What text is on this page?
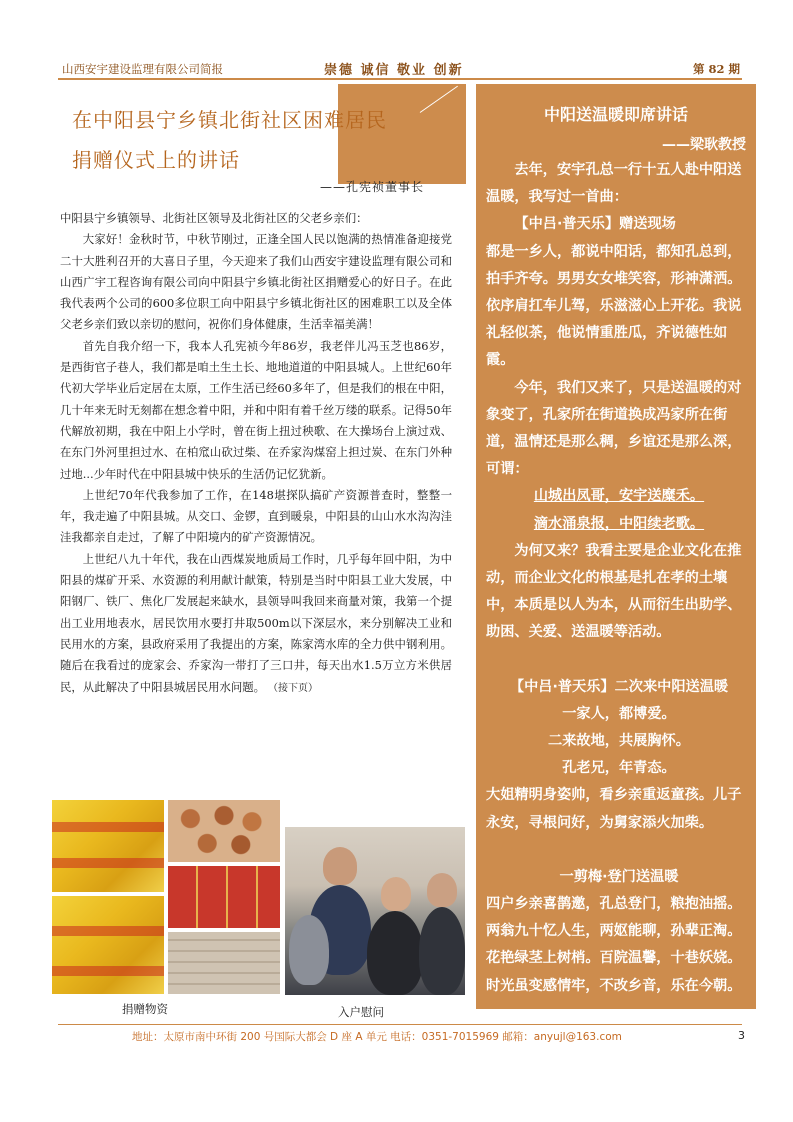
山西安宇建设监理有限公司简报	崇德 诚信 敬业 创新	第 82 期
在中阳县宁乡镇北街社区困难居民
捐赠仪式上的讲话
——孔宪祯董事长

中阳县宁乡镇领导、北街社区领导及北街社区的父老乡亲们：

大家好！金秋时节，中秋节刚过，正逢全国人民以饱满的热情准备迎接党二十大胜利召开的大喜日子里，今天迎来了我们山西安宇建设监理有限公司和山西广宇工程咨询有限公司向中阳县宁乡镇北街社区捐赠爱心的好日子。在此我代表两个公司的600多位职工向中阳县宁乡镇北街社区的困难职工以及全体父老乡亲们致以亲切的慰问，祝你们身体健康，生活幸福美满！

首先自我介绍一下，我本人孔宪祯今年86岁，我老伴儿冯玉芝也86岁，是西街官子巷人，我们都是咱土生土长、地地道道的中阳县城人。上世纪60年代初大学毕业后定居在太原，工作生活已经60多年了，但是我们的根在中阳，几十年来无时无刻都在想念着中阳，并和中阳有着千丝万缕的联系。记得50年代解放初期，我在中阳上小学时，曾在街上扭过秧歌、在大操场台上演过戏、在东门外河里担过水、在柏窊山砍过柴、在乔家沟煤窑上担过炭、在东门外种过地...少年时代在中阳县城中快乐的生活仍记忆犹新。

上世纪70年代我参加了工作，在148堪探队搞矿产资源普查时，整整一年，我走遍了中阳县城。从交口、金锣，直到暖泉，中阳县的山山水水沟沟洼洼我都亲自走过，了解了中阳境内的矿产资源情况。

上世纪八九十年代，我在山西煤炭地质局工作时，几乎每年回中阳，为中阳县的煤矿开采、水资源的利用献计献策，特别是当时中阳县工业大发展，中阳钢厂、铁厂、焦化厂发展起来缺水，县领导叫我回来商量对策，我第一个提出工业用地表水，居民饮用水要打井取500m以下深层水，来分别解决工业和民用水的方案，县政府采用了我提出的方案，陈家湾水库的全力供中钢利用。随后在我看过的庞家会、乔家沟一带打了三口井，每天出水1.5万立方米供居民，从此解决了中阳县城居民用水问题。 （接下页）

捐赠物资	入户慰问
中阳送温暖即席讲话
——梁耿教授

去年，安宇孔总一行十五人赴中阳送温暖，我写过一首曲：

【中吕·普天乐】赠送现场

都是一乡人，都说中阳话，都知孔总到，拍手齐夸。男男女女堆笑容，形神潇洒。依序肩扛车儿驾，乐滋滋心上开花。我说礼轻似茶，他说情重胜瓜，齐说德性如霞。

今年，我们又来了，只是送温暖的对象变了，孔家所在街道换成冯家所在街道，温情还是那么稠，乡谊还是那么深，可谓：

山城出凤哥，安宇送糜禾。

滴水涌泉报，中阳续老歌。

为何又来？我看主要是企业文化在推动，而企业文化的根基是扎在孝的土壤中，本质是以人为本，从而衍生出助学、助困、关爱、送温暖等活动。

【中吕·普天乐】二次来中阳送温暖

一家人，都博爱。

二来故地，共展胸怀。

孔老兄，年青态。

大姐精明身姿帅，看乡亲重返童孩。儿子永安，寻根问好，为舅家添火加柴。

一剪梅·登门送温暖

四户乡亲喜鹊邀，孔总登门，粮抱油摇。两翁九十忆人生，两妪能聊，孙辈正淘。花艳绿茎上树梢。百院温馨，十巷妖娆。时光虽变感情牢，不改乡音，乐在今朝。

地址：太原市南中环街 200 号国际大都会 D 座 A 单元 电话：0351-7015969 邮箱：anyujl@163.com	3
